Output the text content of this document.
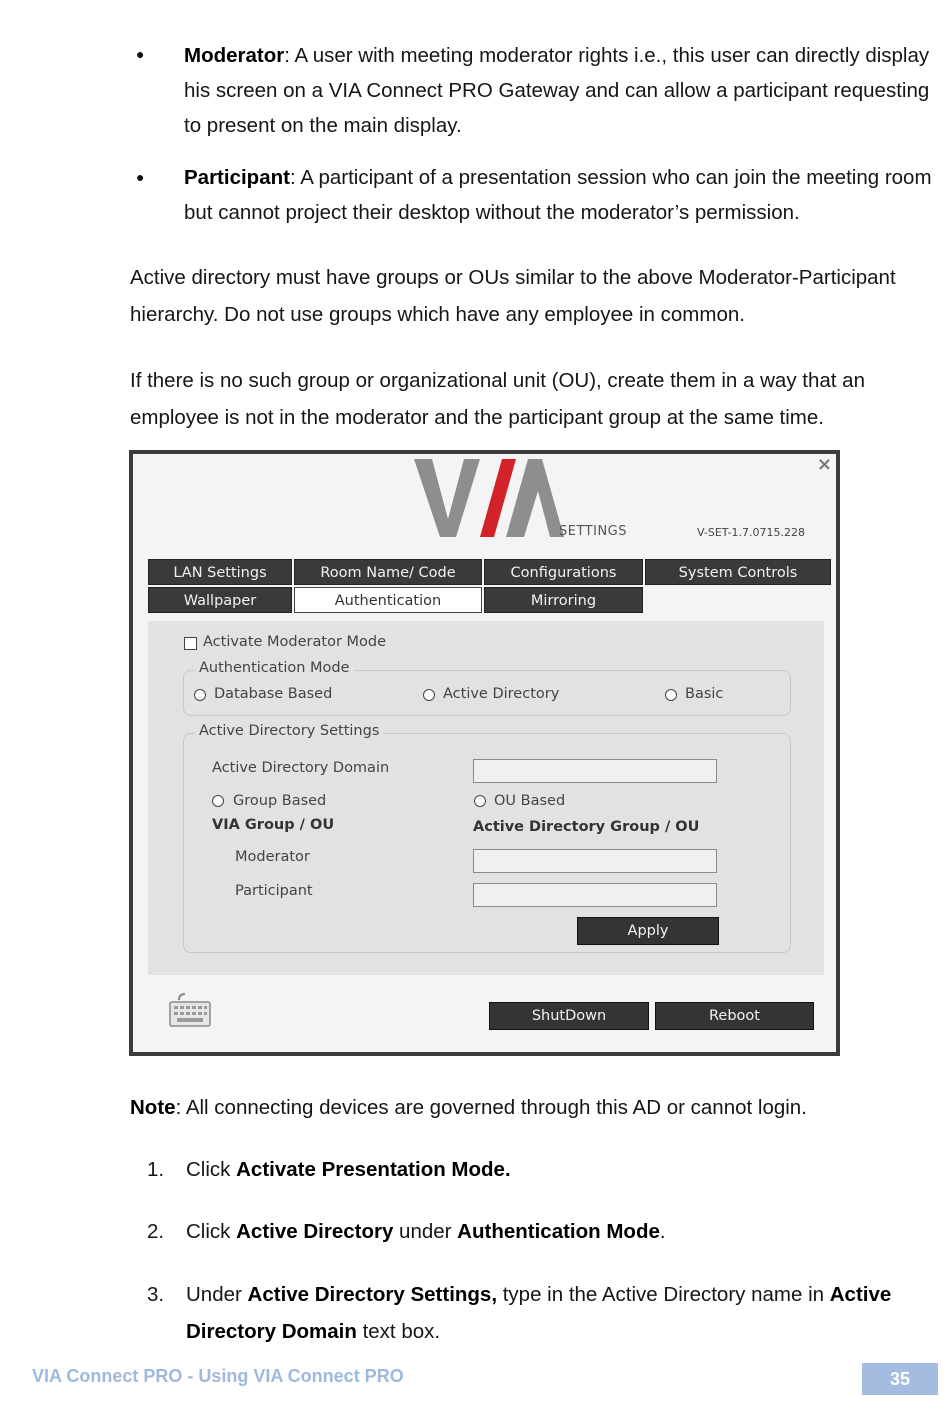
● Moderator: A user with meeting moderator rights i.e., this user can directly display his screen on a VIA Connect PRO Gateway and can allow a participant requesting to present on the main display.
● Participant: A participant of a presentation session who can join the meeting room but cannot project their desktop without the moderator’s permission.
Active directory must have groups or OUs similar to the above Moderator-Participant hierarchy. Do not use groups which have any employee in common.
If there is no such group or organizational unit (OU), create them in a way that an employee is not in the moderator and the participant group at the same time.
SETTINGS	V-SET-1.7.0715.228
×
LAN Settings	Room Name/ Code	Configurations	System Controls
Wallpaper	Authentication	Mirroring
Activate Moderator Mode
Authentication Mode
Database Based	Active Directory	Basic
Active Directory Settings
Active Directory Domain
Group Based	OU Based
VIA Group / OU	Active Directory Group / OU
Moderator
Participant
Apply
ShutDown	Reboot
Note: All connecting devices are governed through this AD or cannot login.
1. Click Activate Presentation Mode.
2. Click Active Directory under Authentication Mode.
3. Under Active Directory Settings, type in the Active Directory name in Active Directory Domain text box.
VIA Connect PRO - Using VIA Connect PRO	35
